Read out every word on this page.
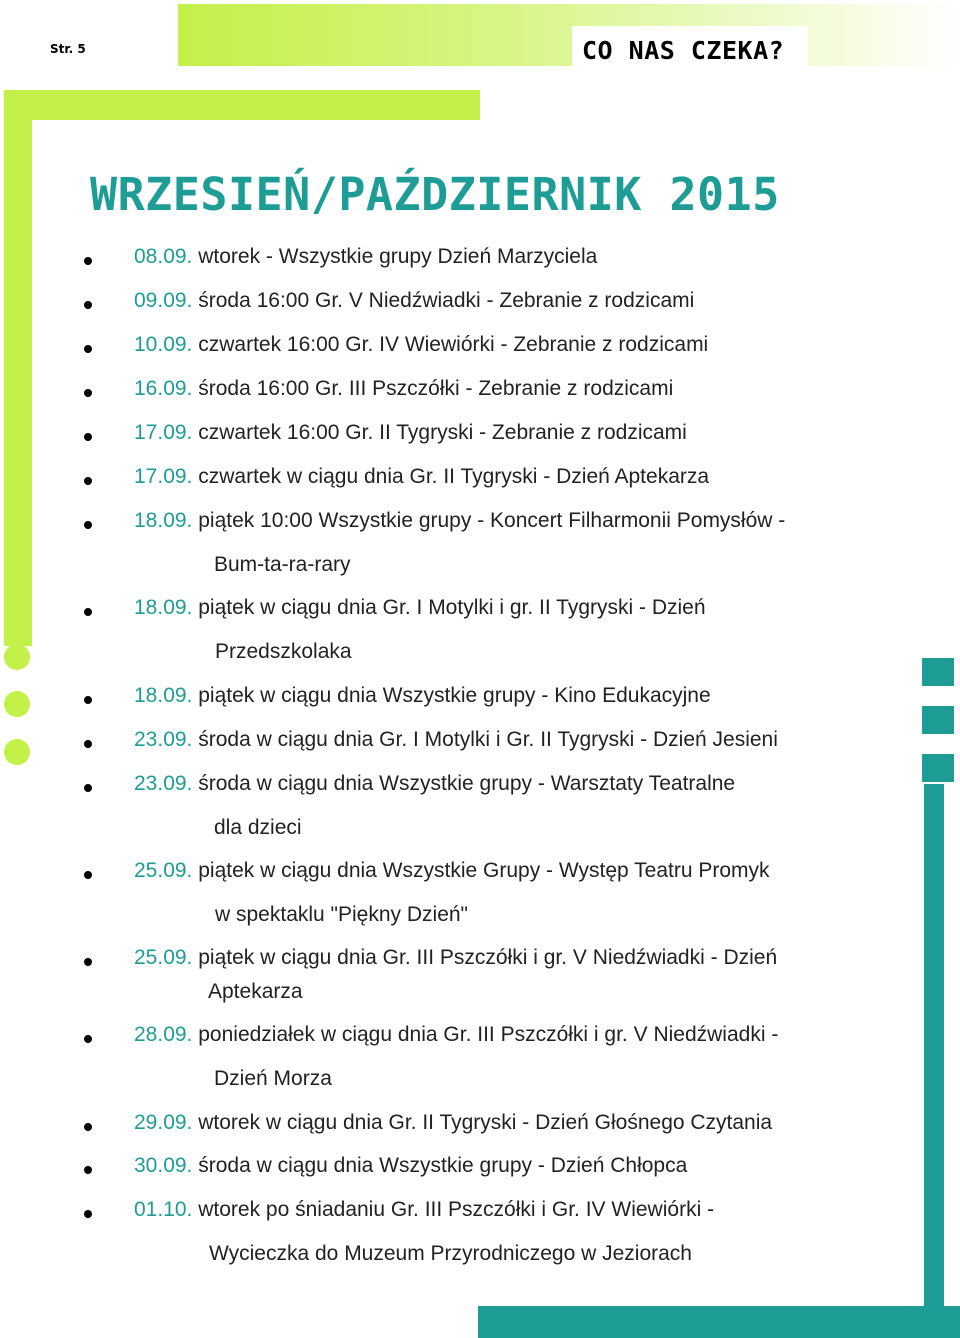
Str. 5	CO NAS CZEKA?
WRZESIEŃ/PAŹDZIERNIK 2015
08.09. wtorek - Wszystkie grupy Dzień Marzyciela
09.09. środa 16:00 Gr. V Niedźwiadki - Zebranie z rodzicami
10.09. czwartek 16:00 Gr. IV Wiewiórki - Zebranie z rodzicami
16.09. środa 16:00 Gr. III Pszczółki - Zebranie z rodzicami
17.09. czwartek 16:00 Gr. II Tygryski - Zebranie z rodzicami
17.09. czwartek w ciągu dnia Gr. II Tygryski - Dzień Aptekarza
18.09. piątek 10:00 Wszystkie grupy - Koncert Filharmonii Pomysłów -
Bum-ta-ra-rary
18.09. piątek w ciągu dnia Gr. I Motylki i gr. II Tygryski - Dzień
Przedszkolaka
18.09. piątek w ciągu dnia Wszystkie grupy - Kino Edukacyjne
23.09. środa w ciągu dnia Gr. I Motylki i Gr. II Tygryski - Dzień Jesieni
23.09. środa w ciągu dnia Wszystkie grupy - Warsztaty Teatralne
dla dzieci
25.09. piątek w ciągu dnia Wszystkie Grupy - Występ Teatru Promyk
w spektaklu "Piękny Dzień"
25.09. piątek w ciągu dnia Gr. III Pszczółki i gr. V Niedźwiadki - Dzień
Aptekarza
28.09. poniedziałek w ciągu dnia Gr. III Pszczółki i gr. V Niedźwiadki -
Dzień Morza
29.09. wtorek w ciągu dnia Gr. II Tygryski - Dzień Głośnego Czytania
30.09. środa w ciągu dnia Wszystkie grupy - Dzień Chłopca
01.10. wtorek po śniadaniu Gr. III Pszczółki i Gr. IV Wiewiórki -
Wycieczka do Muzeum Przyrodniczego w Jeziorach
